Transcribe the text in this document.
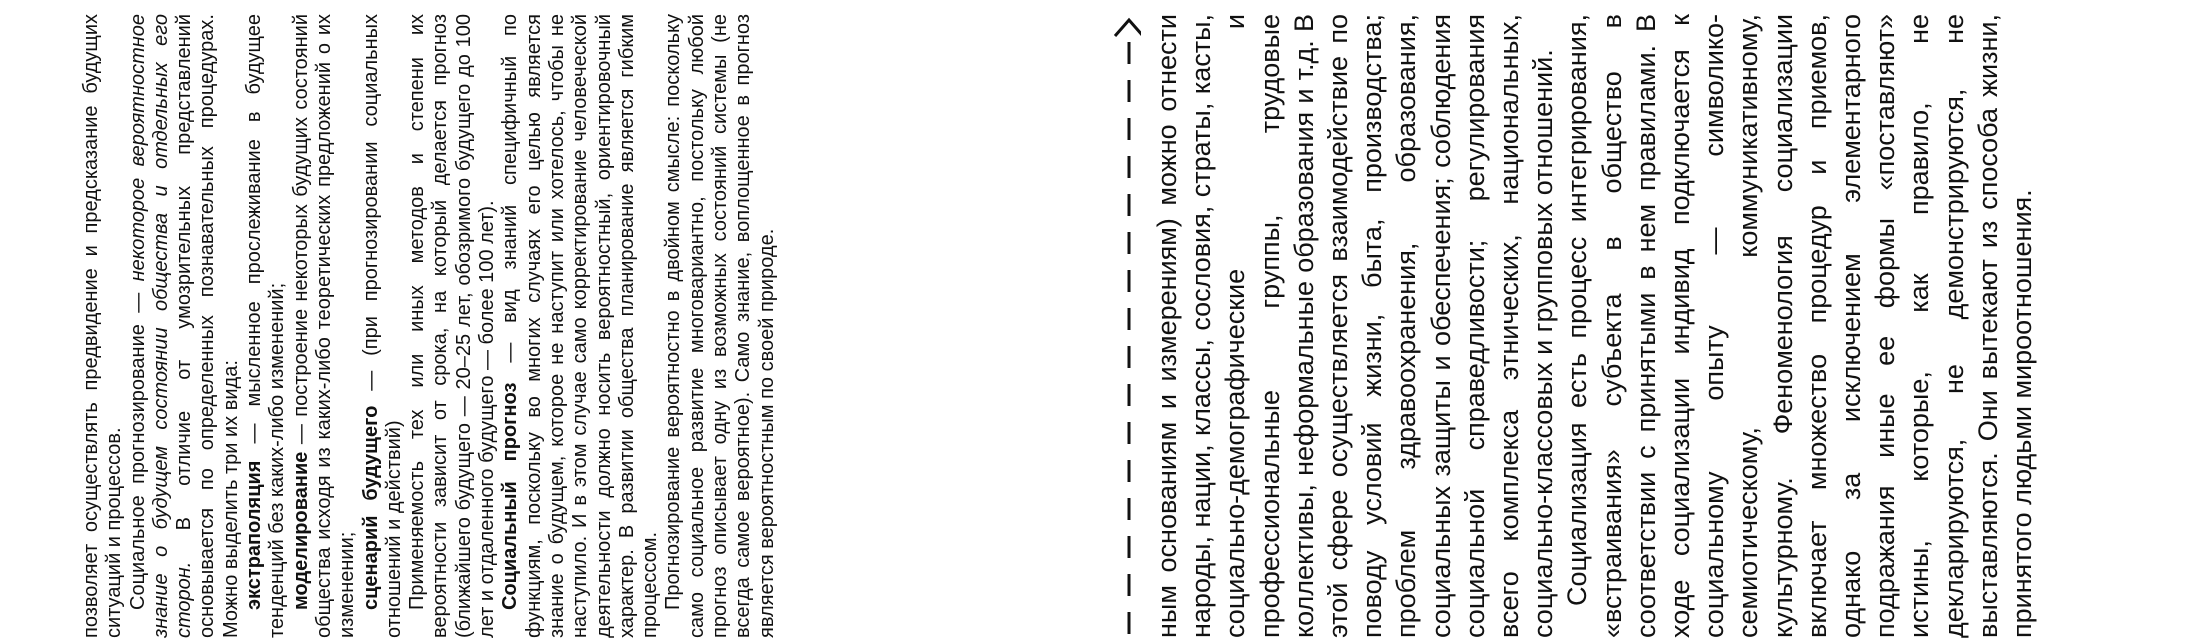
позволяет осуществлять предвидение и предсказание будущих ситуаций и процессов. Социальное прогнозирование — некоторое вероятностное знание о будущем состоянии общества и отдельных его сторон. В отличие от умозрительных представлений основывается по определенных познавательных процедурах. Можно выделить три их вида: экстраполяция — мысленное прослеживание в будущее тенденций без каких-либо изменений; моделирование — построение некоторых будущих состояний общества исходя из каких-либо теоретических предложений о их изменении; сценарий будущего — (при прогнозировании социальных отношений и действий) Применяемость тех или иных методов и степени их вероятности зависит от срока, на который делается прогноз (ближайшего будущего — 20–25 лет, обозримого будущего до 100 лет и отдаленного будущего — более 100 лет). Социальный прогноз — вид знаний специфичный по функциям, поскольку во многих случаях его целью является знание о будущем, которое не наступит или хотелось, чтобы не наступило. И в этом случае само корректирование человеческой деятельности должно носить вероятностный, ориентировочный характер. В развитии общества планирование является гибким процессом. Прогнозирование вероятностно в двойном смысле: поскольку само социальное развитие многовариантно, постольку любой прогноз описывает одну из возможных состояний системы (не всегда самое вероятное). Само знание, воплощенное в прогноз является вероятностным по своей природе.	ным основаниям и измерениям) можно отнести народы, нации, классы, сословия, страты, касты, социально-демографические и профессиональные группы, трудовые коллективы, неформальные образования и т.д. В этой сфере осуществляется взаимодействие по поводу условий жизни, быта, производства; проблем здравоохранения, образования, социальных защиты и обеспечения; соблюдения социальной справедливости; регулирования всего комплекса этнических, национальных, социально-классовых и групповых отношений. Социализация есть процесс интегрирования, «встраивания» субъекта в общество в соответствии с принятыми в нем правилами. В ходе социализации индивид подключается к социальному опыту — символико-семиотическому, коммуникативному, культурному. Феноменология социализации включает множество процедур и приемов, однако за исключением элементарного подражания иные ее формы «поставляют» истины, которые, как правило, не декларируются, не демонстрируются, не выставляются. Они вытекают из способа жизни, принятого людьми мироотношения.
